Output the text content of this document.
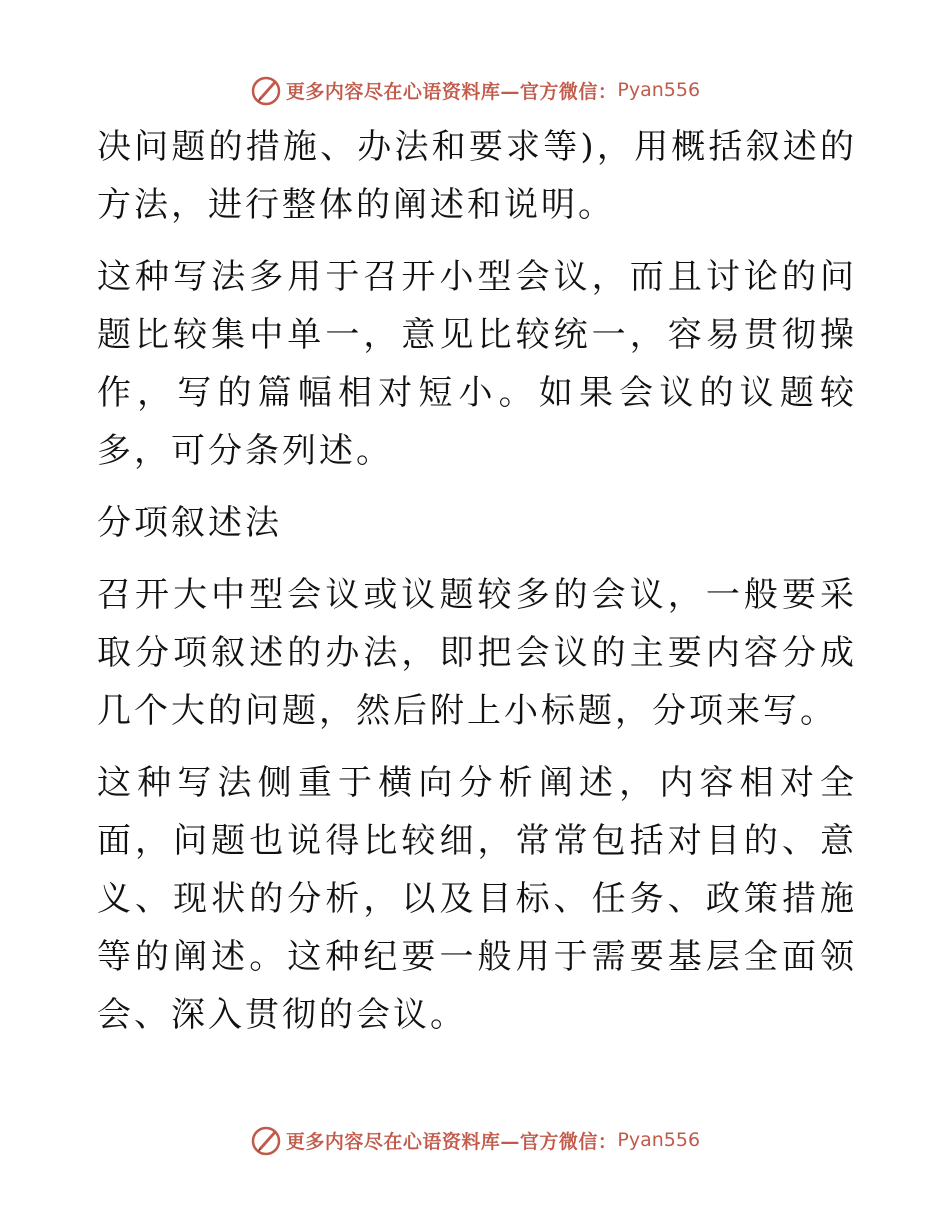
更多内容尽在心语资料库—官方微信： Pyan556

决问题的措施、办法和要求等)，用概括叙述的方法，进行整体的阐述和说明。

这种写法多用于召开小型会议，而且讨论的问题比较集中单一，意见比较统一，容易贯彻操作，写的篇幅相对短小。如果会议的议题较多，可分条列述。

分项叙述法

召开大中型会议或议题较多的会议，一般要采取分项叙述的办法，即把会议的主要内容分成几个大的问题，然后附上小标题，分项来写。

这种写法侧重于横向分析阐述，内容相对全面，问题也说得比较细，常常包括对目的、意义、现状的分析，以及目标、任务、政策措施等的阐述。这种纪要一般用于需要基层全面领会、深入贯彻的会议。

更多内容尽在心语资料库—官方微信： Pyan556
